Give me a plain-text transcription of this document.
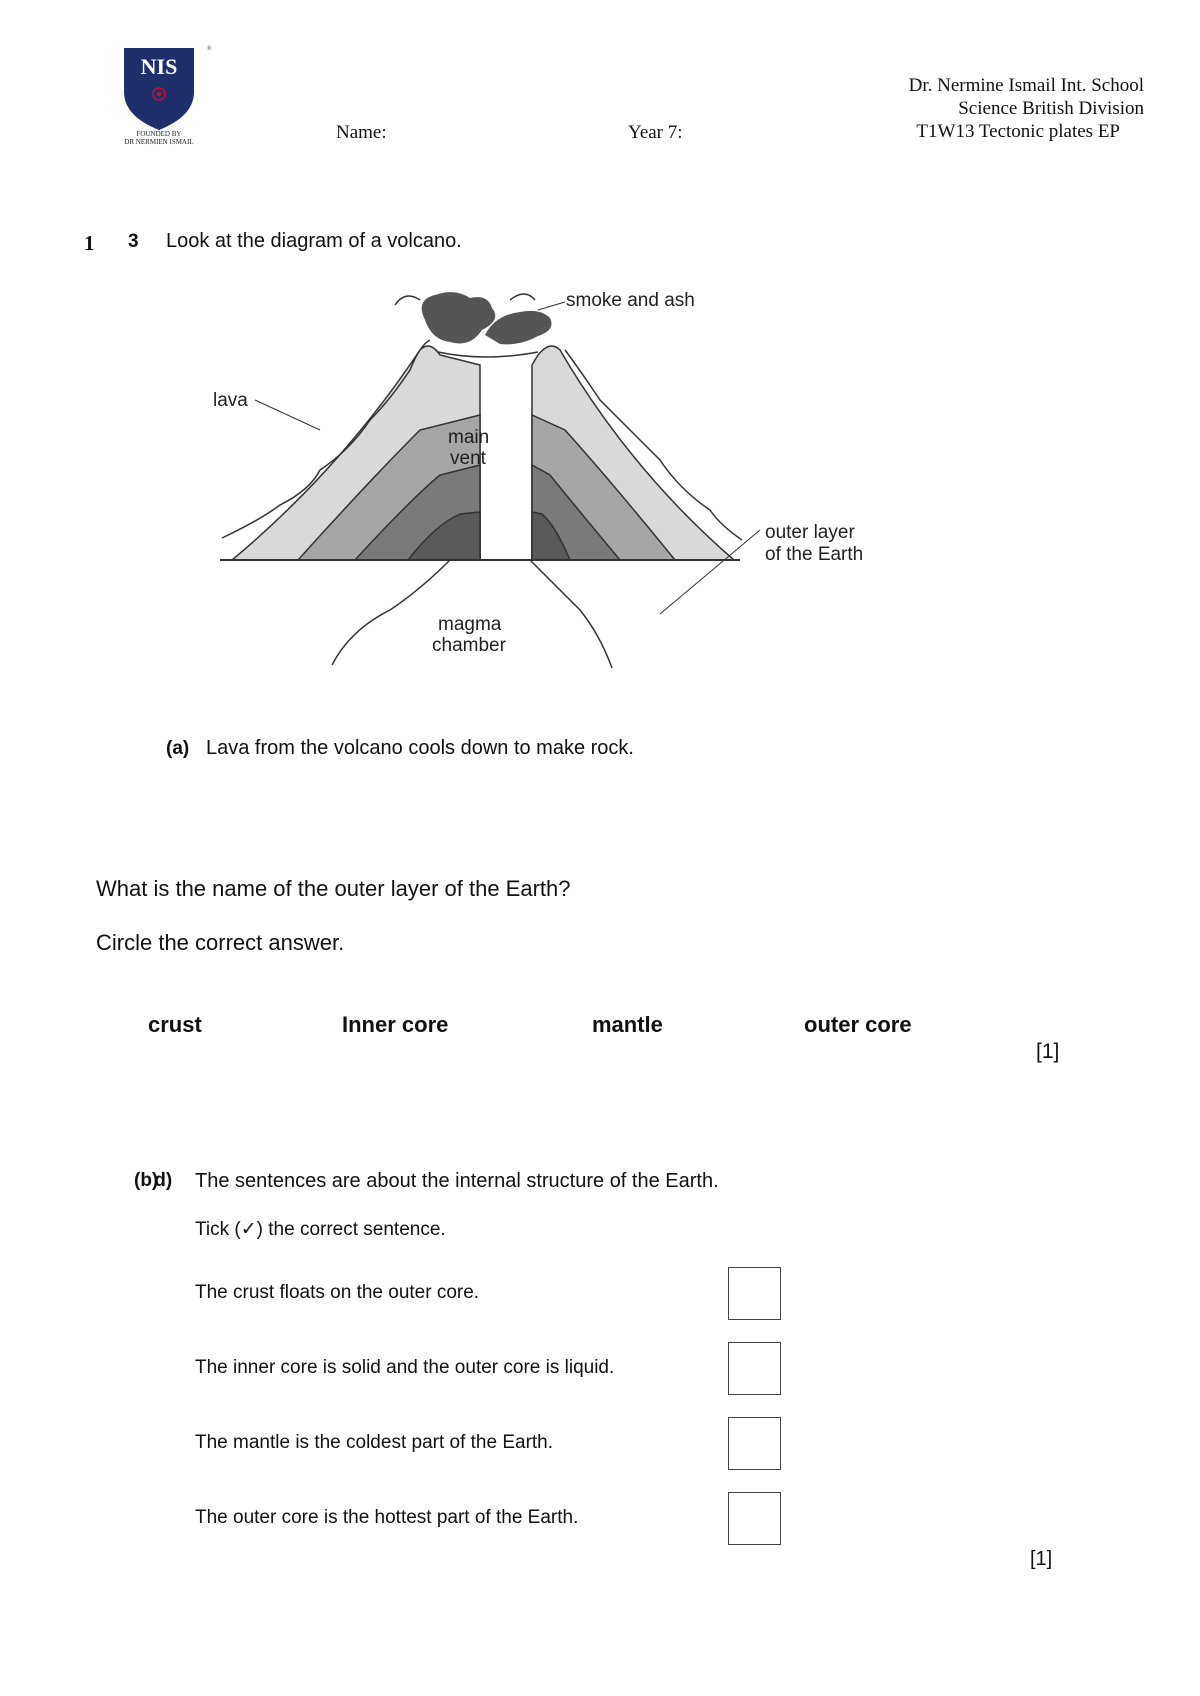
NIS
®
FOUNDED BY
DR NERMIEN ISMAIL	Name:	Year 7:
Dr. Nermine Ismail Int. School
Science British Division
T1W13 Tectonic plates EP
1 3 Look at the diagram of a volcano.
smoke and ash
lava
main
vent
outer layer
of the Earth
magma
chamber
(a) Lava from the volcano cools down to make rock.
What is the name of the outer layer of the Earth?
Circle the correct answer.
crust	Inner core	mantle	outer core
[1]
(b)d) The sentences are about the internal structure of the Earth.
Tick (✓) the correct sentence.
The crust floats on the outer core.
The inner core is solid and the outer core is liquid.
The mantle is the coldest part of the Earth.
The outer core is the hottest part of the Earth.
[1]
